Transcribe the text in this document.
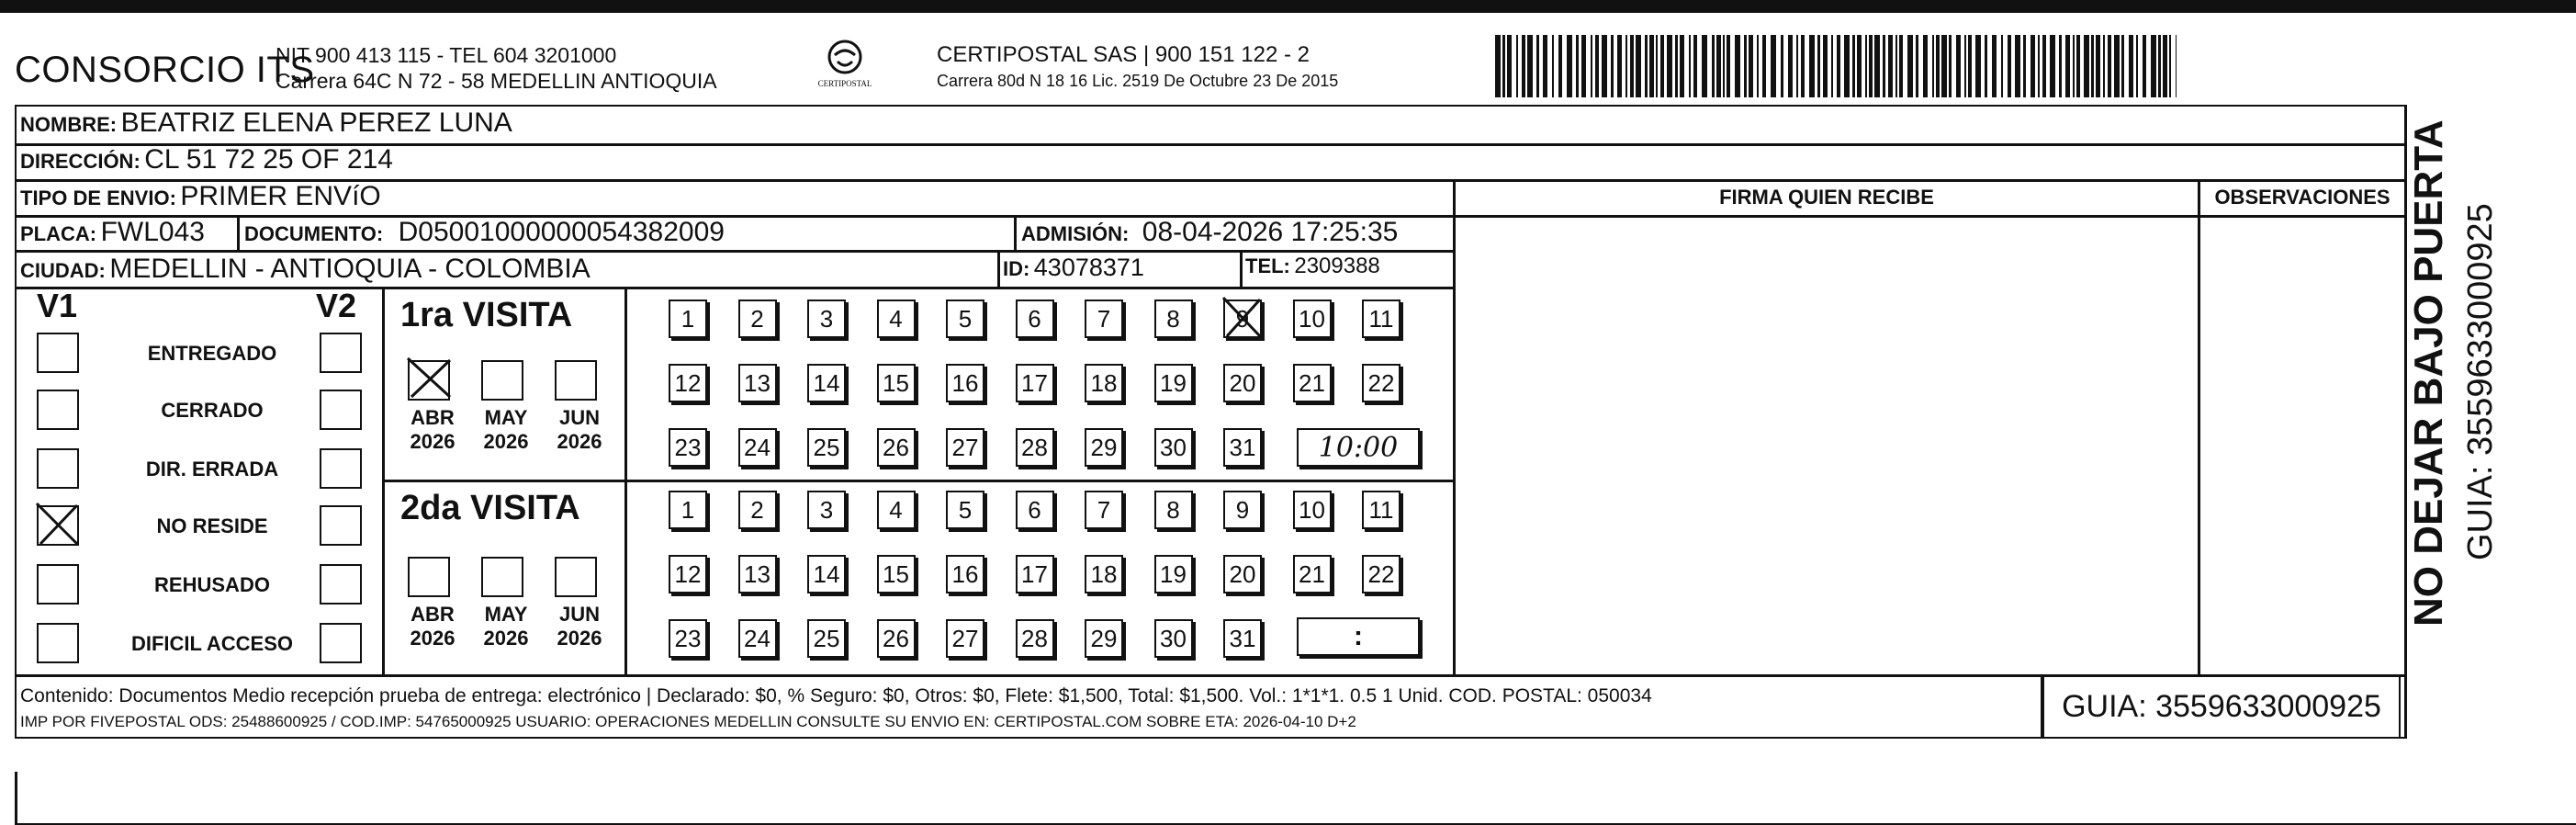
CONSORCIO ITS
NIT 900 413 115 - TEL 604 3201000
Carrera 64C N 72 - 58 MEDELLIN ANTIOQUIA	CERTIPOSTAL
CERTIPOSTAL SAS | 900 151 122 - 2
Carrera 80d N 18 16 Lic. 2519 De Octubre 23 De 2015
NOMBRE: BEATRIZ ELENA PEREZ LUNA
DIRECCIÓN: CL 51 72 25 OF 214
TIPO DE ENVIO: PRIMER ENVíO
PLACA: FWL043 DOCUMENTO: D05001000000054382009	ADMISIÓN: 08-04-2026 17:25:35
CIUDAD: MEDELLIN - ANTIOQUIA - COLOMBIA	ID: 43078371	TEL: 2309388
FIRMA QUIEN RECIBE	OBSERVACIONES
V1	V2
ENTREGADO
CERRADO
DIR. ERRADA
NO RESIDE
REHUSADO
DIFICIL ACCESO
1ra VISITA
ABR
2026
MAY
2026
JUN
2026
1 2 3 4 5 6 7 8 9 10 11
12 13 14 15 16 17 18 19 20 21 22
23 24 25 26 27 28 29 30 31 10:00
2da VISITA
ABR
2026
MAY
2026
JUN
2026
1 2 3 4 5 6 7 8 9 10 11
12 13 14 15 16 17 18 19 20 21 22
23 24 25 26 27 28 29 30 31	:
Contenido: Documentos Medio recepción prueba de entrega: electrónico | Declarado: $0, % Seguro: $0, Otros: $0, Flete: $1,500, Total: $1,500. Vol.: 1*1*1. 0.5 1 Unid. COD. POSTAL: 050034
IMP POR FIVEPOSTAL ODS: 25488600925 / COD.IMP: 54765000925 USUARIO: OPERACIONES MEDELLIN CONSULTE SU ENVIO EN: CERTIPOSTAL.COM SOBRE ETA: 2026-04-10 D+2	GUIA: 3559633000925
NO DEJAR BAJO PUERTA GUIA: 3559633000925
